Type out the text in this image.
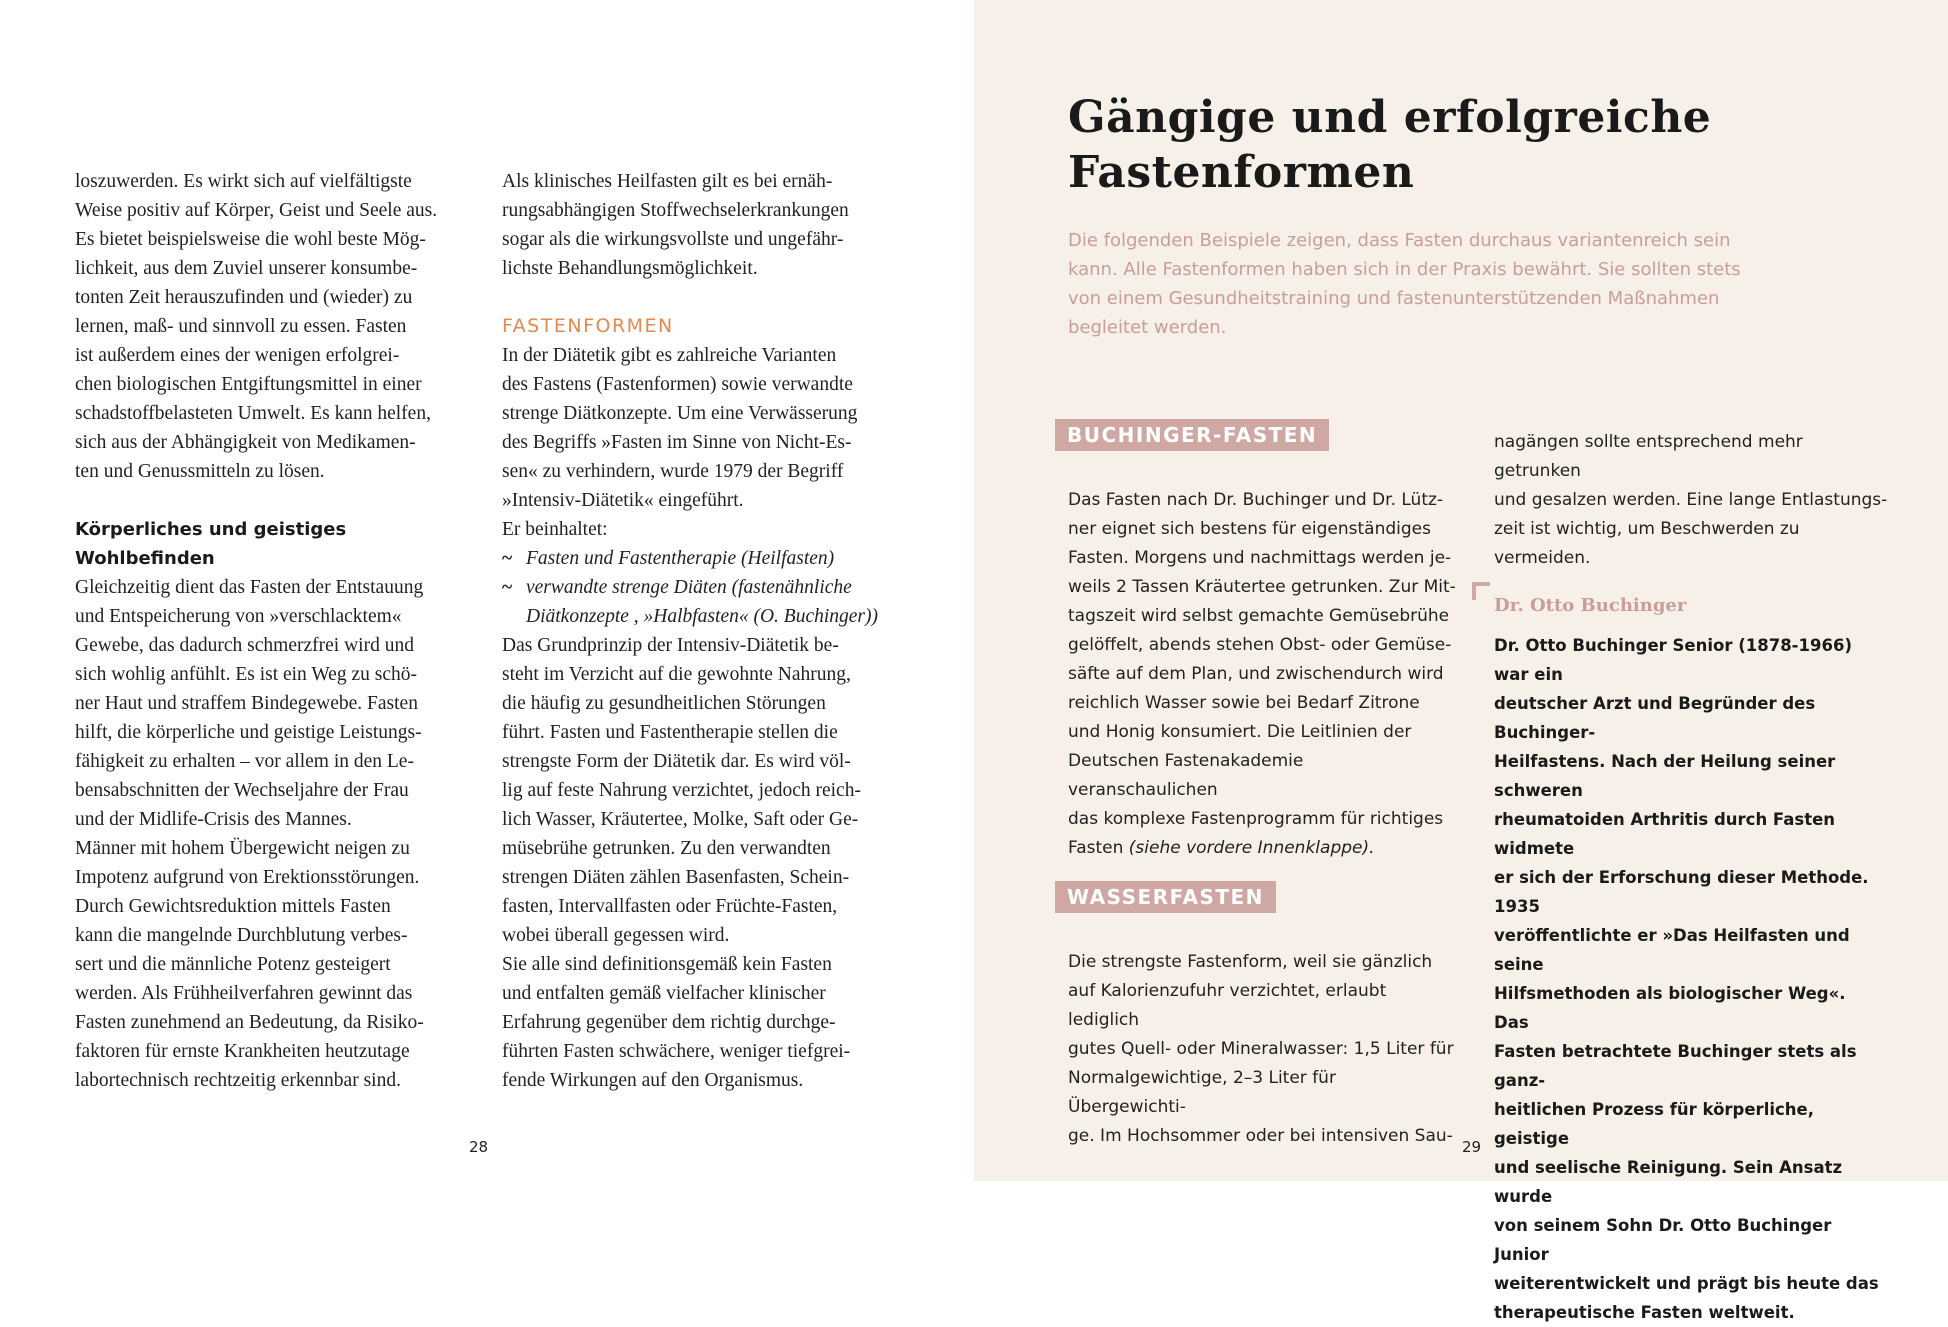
loszuwerden. Es wirkt sich auf vielfältigste
Weise positiv auf Körper, Geist und Seele aus.
Es bietet beispielsweise die wohl beste Mög-
lichkeit, aus dem Zuviel unserer konsumbe-
tonten Zeit herauszufinden und (wieder) zu
lernen, maß- und sinnvoll zu essen. Fasten
ist außerdem eines der wenigen erfolgrei-
chen biologischen Entgiftungsmittel in einer
schadstoffbelasteten Umwelt. Es kann helfen,
sich aus der Abhängigkeit von Medikamen-
ten und Genussmitteln zu lösen.
Körperliches und geistiges
Wohlbefinden
Gleichzeitig dient das Fasten der Entstauung
und Entspeicherung von »verschlacktem«
Gewebe, das dadurch schmerzfrei wird und
sich wohlig anfühlt. Es ist ein Weg zu schö-
ner Haut und straffem Bindegewebe. Fasten
hilft, die körperliche und geistige Leistungs-
fähigkeit zu erhalten – vor allem in den Le-
bensabschnitten der Wechseljahre der Frau
und der Midlife-Crisis des Mannes.
Männer mit hohem Übergewicht neigen zu
Impotenz aufgrund von Erektionsstörungen.
Durch Gewichtsreduktion mittels Fasten
kann die mangelnde Durchblutung verbes-
sert und die männliche Potenz gesteigert
werden. Als Frühheilverfahren gewinnt das
Fasten zunehmend an Bedeutung, da Risiko-
faktoren für ernste Krankheiten heutzutage
labortechnisch rechtzeitig erkennbar sind.
Als klinisches Heilfasten gilt es bei ernäh-
rungsabhängigen Stoffwechselerkrankungen
sogar als die wirkungsvollste und ungefähr-
lichste Behandlungsmöglichkeit.
FASTENFORMEN
In der Diätetik gibt es zahlreiche Varianten
des Fastens (Fastenformen) sowie verwandte
strenge Diätkonzepte. Um eine Verwässerung
des Begriffs »Fasten im Sinne von Nicht-Es-
sen« zu verhindern, wurde 1979 der Begriff
»Intensiv-Diätetik« eingeführt.
Er beinhaltet:
~ Fasten und Fastentherapie (Heilfasten)
~ verwandte strenge Diäten (fastenähnliche
Diätkonzepte , »Halbfasten« (O. Buchinger))
Das Grundprinzip der Intensiv-Diätetik be-
steht im Verzicht auf die gewohnte Nahrung,
die häufig zu gesundheitlichen Störungen
führt. Fasten und Fastentherapie stellen die
strengste Form der Diätetik dar. Es wird völ-
lig auf feste Nahrung verzichtet, jedoch reich-
lich Wasser, Kräutertee, Molke, Saft oder Ge-
müsebrühe getrunken. Zu den verwandten
strengen Diäten zählen Basenfasten, Schein-
fasten, Intervallfasten oder Früchte-Fasten,
wobei überall gegessen wird.
Sie alle sind definitionsgemäß kein Fasten
und entfalten gemäß vielfacher klinischer
Erfahrung gegenüber dem richtig durchge-
führten Fasten schwächere, weniger tiefgrei-
fende Wirkungen auf den Organismus.
28
Gängige und erfolgreiche
Fastenformen
Die folgenden Beispiele zeigen, dass Fasten durchaus variantenreich sein
kann. Alle Fastenformen haben sich in der Praxis bewährt. Sie sollten stets
von einem Gesundheitstraining und fastenunterstützenden Maßnahmen
begleitet werden.
BUCHINGER-FASTEN
Das Fasten nach Dr. Buchinger und Dr. Lütz-
ner eignet sich bestens für eigenständiges
Fasten. Morgens und nachmittags werden je-
weils 2 Tassen Kräutertee getrunken. Zur Mit-
tagszeit wird selbst gemachte Gemüsebrühe
gelöffelt, abends stehen Obst- oder Gemüse-
säfte auf dem Plan, und zwischendurch wird
reichlich Wasser sowie bei Bedarf Zitrone
und Honig konsumiert. Die Leitlinien der
Deutschen Fastenakademie veranschaulichen
das komplexe Fastenprogramm für richtiges

Fasten (siehe vordere Innenklappe).

WASSERFASTEN
Die strengste Fastenform, weil sie gänzlich
auf Kalorienzufuhr verzichtet, erlaubt lediglich
gutes Quell- oder Mineralwasser: 1,5 Liter für
Normalgewichtige, 2–3 Liter für Übergewichti-
ge. Im Hochsommer oder bei intensiven Sau-
nagängen sollte entsprechend mehr getrunken
und gesalzen werden. Eine lange Entlastungs-
zeit ist wichtig, um Beschwerden zu vermeiden.
Dr. Otto Buchinger
Dr. Otto Buchinger Senior (1878-1966) war ein
deutscher Arzt und Begründer des Buchinger-
Heilfastens. Nach der Heilung seiner schweren
rheumatoiden Arthritis durch Fasten widmete
er sich der Erforschung dieser Methode. 1935
veröffentlichte er »Das Heilfasten und seine
Hilfsmethoden als biologischer Weg«. Das
Fasten betrachtete Buchinger stets als ganz-
heitlichen Prozess für körperliche, geistige
und seelische Reinigung. Sein Ansatz wurde
von seinem Sohn Dr. Otto Buchinger Junior
weiterentwickelt und prägt bis heute das
therapeutische Fasten weltweit.
29
